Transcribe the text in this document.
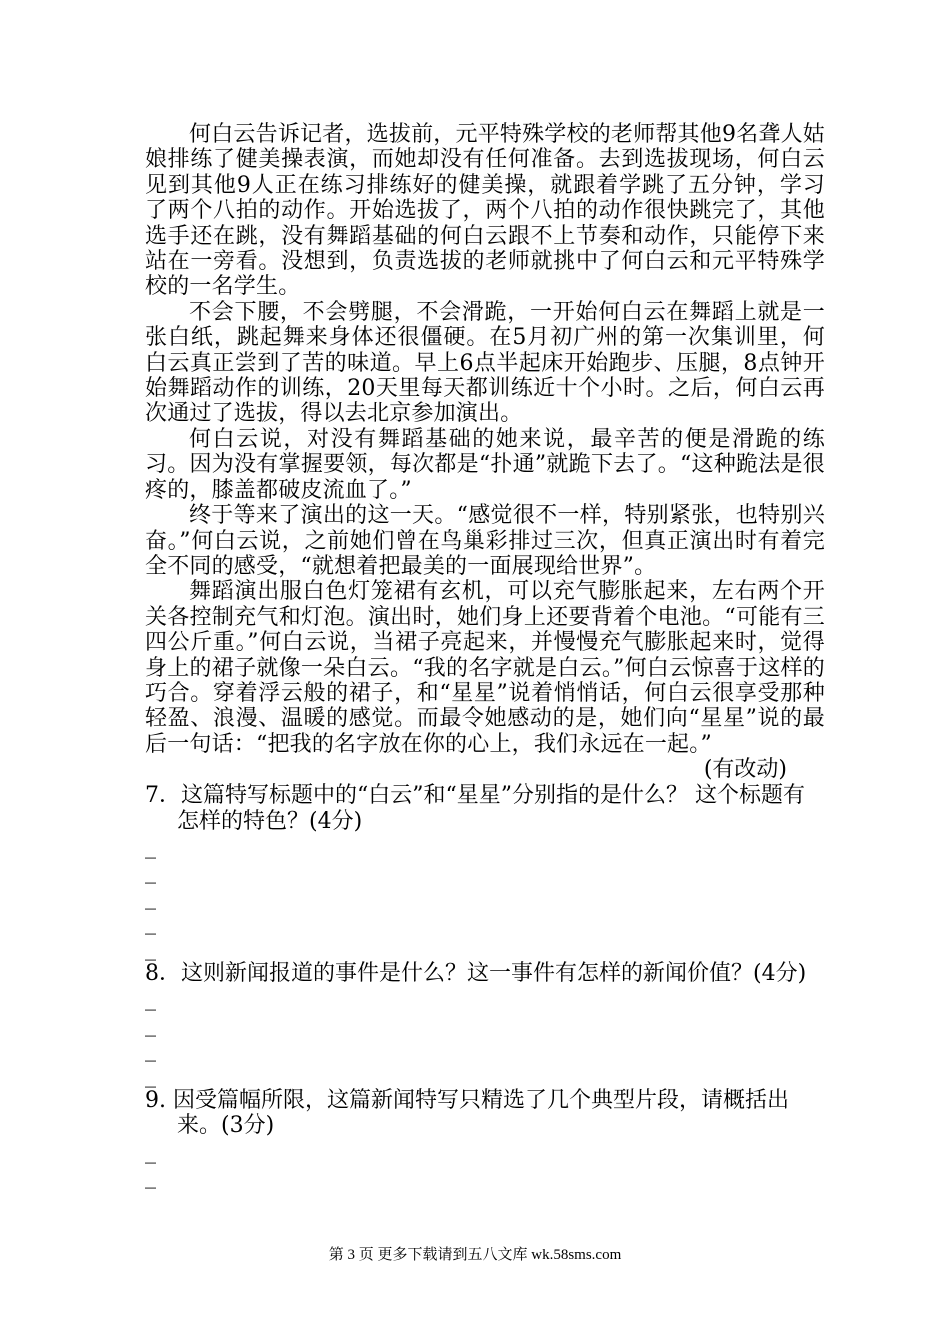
何白云告诉记者，选拔前，元平特殊学校的老师帮其他9名聋人姑娘排练了健美操表演，而她却没有任何准备。去到选拔现场，何白云见到其他9人正在练习排练好的健美操，就跟着学跳了五分钟，学习了两个八拍的动作。开始选拔了，两个八拍的动作很快跳完了，其他选手还在跳，没有舞蹈基础的何白云跟不上节奏和动作，只能停下来站在一旁看。没想到，负责选拔的老师就挑中了何白云和元平特殊学校的一名学生。

不会下腰，不会劈腿，不会滑跪，一开始何白云在舞蹈上就是一张白纸，跳起舞来身体还很僵硬。在5月初广州的第一次集训里，何白云真正尝到了苦的味道。早上6点半起床开始跑步、压腿，8点钟开始舞蹈动作的训练，20天里每天都训练近十个小时。之后，何白云再次通过了选拔，得以去北京参加演出。

何白云说，对没有舞蹈基础的她来说，最辛苦的便是滑跪的练习。因为没有掌握要领，每次都是“扑通”就跪下去了。“这种跪法是很疼的，膝盖都破皮流血了。”

终于等来了演出的这一天。“感觉很不一样，特别紧张，也特别兴奋。”何白云说，之前她们曾在鸟巢彩排过三次，但真正演出时有着完全不同的感受，“就想着把最美的一面展现给世界”。

舞蹈演出服白色灯笼裙有玄机，可以充气膨胀起来，左右两个开关各控制充气和灯泡。演出时，她们身上还要背着个电池。“可能有三四公斤重。”何白云说，当裙子亮起来，并慢慢充气膨胀起来时，觉得身上的裙子就像一朵白云。“我的名字就是白云。”何白云惊喜于这样的巧合。穿着浮云般的裙子，和“星星”说着悄悄话，何白云很享受那种轻盈、浪漫、温暖的感觉。而最令她感动的是，她们向“星星”说的最后一句话：“把我的名字放在你的心上，我们永远在一起。”

(有改动)

7．这篇特写标题中的“白云”和“星星”分别指的是什么？ 这个标题有怎样的特色？(4分)

_
_
_
_
_

8．这则新闻报道的事件是什么？这一事件有怎样的新闻价值？(4分)

_
_
_
_

9. 因受篇幅所限，这篇新闻特写只精选了几个典型片段，请概括出来。(3分)

_
_
第 3 页 更多下载请到五八文库 wk.58sms.com
